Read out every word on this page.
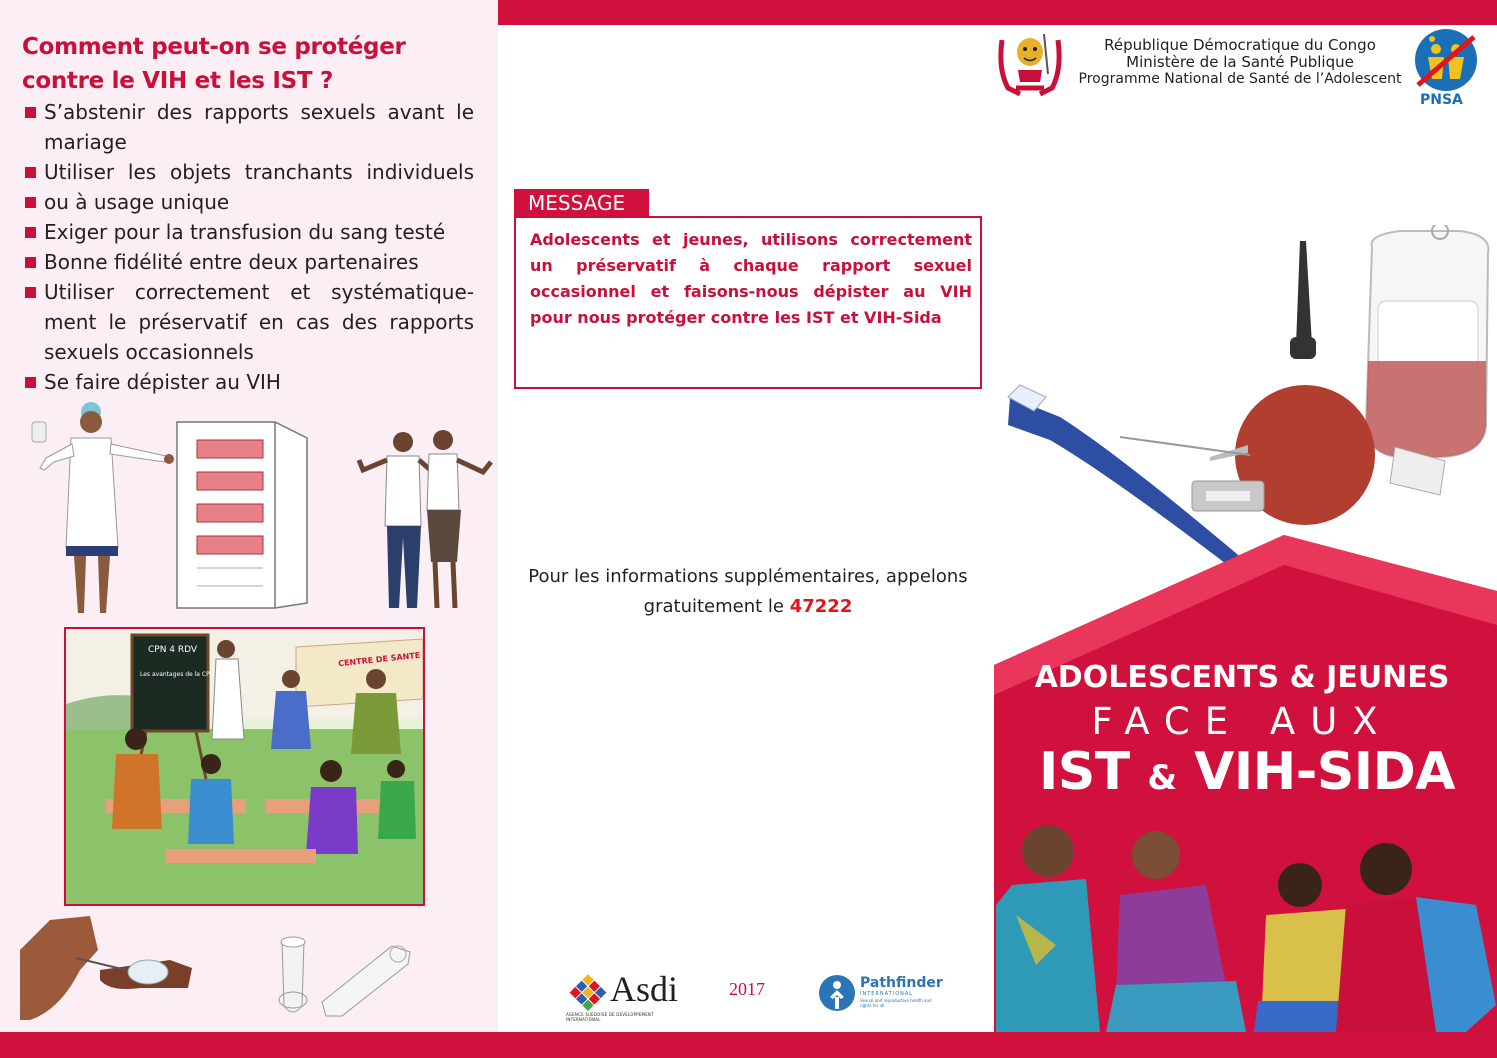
Comment peut-on se protéger contre le VIH et les IST ?
S’abstenir des rapports sexuels avant le mariage
Utiliser les objets tranchants individuels
ou à usage unique
Exiger pour la transfusion du sang testé
Bonne fidélité entre deux partenaires
Utiliser correctement et systématique-ment le préservatif en cas des rapports sexuels occasionnels
Se faire dépister au VIH
CPN 4 RDV
Les avantages de la CPN
CENTRE DE SANTE
MESSAGE

Adolescents et jeunes, utilisons correctement un préservatif à chaque rapport sexuel occasionnel et faisons-nous dépister au VIH pour nous protéger contre les IST et VIH-Sida

Pour les informations supplémentaires, appelons gratuitement le 47222

Asdi
AGENCE SUEDOISE DE DEVELOPPEMENT INTERNATIONAL
2017	Pathfinder
INTERNATIONAL
Sexual and reproductive health and rights for all
République Démocratique du Congo
Ministère de la Santé Publique
Programme National de Santé de l’Adolescent
PNSA
ADOLESCENTS & JEUNES
FACE AUX
IST & VIH-SIDA
